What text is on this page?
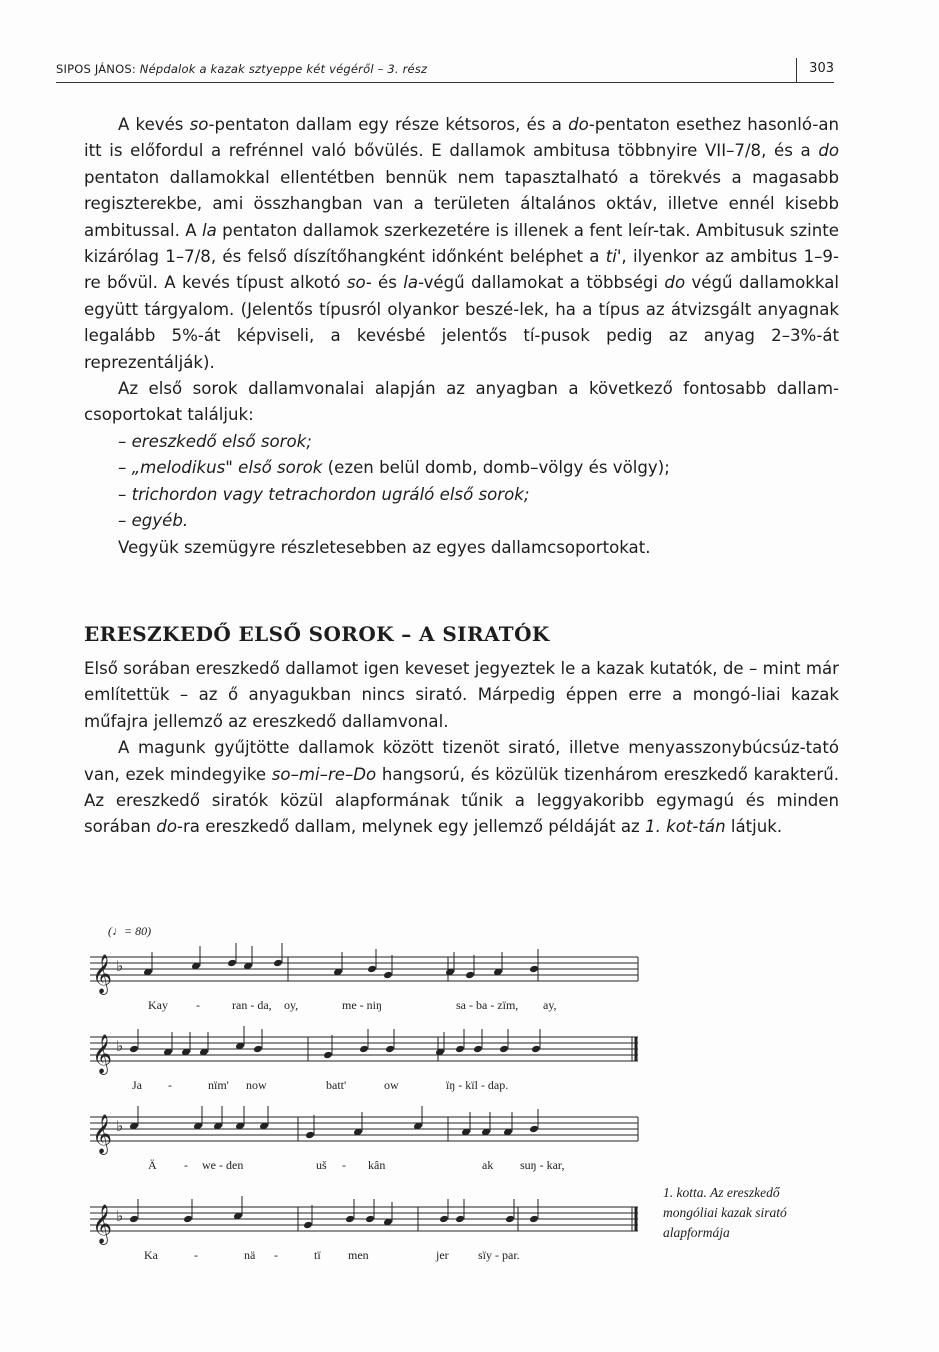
SIPOS JÁNOS: Népdalok a kazak sztyeppe két végéről – 3. rész	303

A kevés so-pentaton dallam egy része kétsoros, és a do-pentaton esethez hasonló-an itt is előfordul a refrénnel való bővülés. E dallamok ambitusa többnyire VII–7/8, és a do pentaton dallamokkal ellentétben bennük nem tapasztalható a törekvés a magasabb regiszterekbe, ami összhangban van a területen általános oktáv, illetve ennél kisebb ambitussal. A la pentaton dallamok szerkezetére is illenek a fent leír-tak. Ambitusuk szinte kizárólag 1–7/8, és felső díszítőhangként időnként beléphet a ti', ilyenkor az ambitus 1–9-re bővül. A kevés típust alkotó so- és la-végű dallamokat a többségi do végű dallamokkal együtt tárgyalom. (Jelentős típusról olyankor beszé-lek, ha a típus az átvizsgált anyagnak legalább 5%-át képviseli, a kevésbé jelentős tí-pusok pedig az anyag 2–3%-át reprezentálják).

Az első sorok dallamvonalai alapján az anyagban a következő fontosabb dallam-csoportokat találjuk:

– ereszkedő első sorok;

– „melodikus" első sorok (ezen belül domb, domb–völgy és völgy);

– trichordon vagy tetrachordon ugráló első sorok;

– egyéb.

Vegyük szemügyre részletesebben az egyes dallamcsoportokat.

ERESZKEDŐ ELSŐ SOROK – A SIRATÓK

Első sorában ereszkedő dallamot igen keveset jegyeztek le a kazak kutatók, de – mint már említettük – az ő anyagukban nincs sirató. Márpedig éppen erre a mongó-liai kazak műfajra jellemző az ereszkedő dallamvonal.

A magunk gyűjtötte dallamok között tizenöt sirató, illetve menyasszonybúcsúz-tató van, ezek mindegyike so–mi–re–Do hangsorú, és közülük tizenhárom ereszkedő karakterű. Az ereszkedő siratók közül alapformának tűnik a leggyakoribb egymagú és minden sorában do-ra ereszkedő dallam, melynek egy jellemző példáját az 1. kot-tán látjuk.

(♩= 80)
𝄞 ♭
Kay -	ran - da, oy,	me - niŋ	sa - ba - zïm, ay,
𝄞 ♭
Ja -	nïm' now	batt'	ow	ïŋ - kïl - dap.
𝄞 ♭
Ä - we - den	uš - kân	ak suŋ - kar,
𝄞 ♭
Ka	-	nä -	tï men	jer sïy - par.

1. kotta. Az ereszkedő

mongóliai kazak sirató

alapformája
